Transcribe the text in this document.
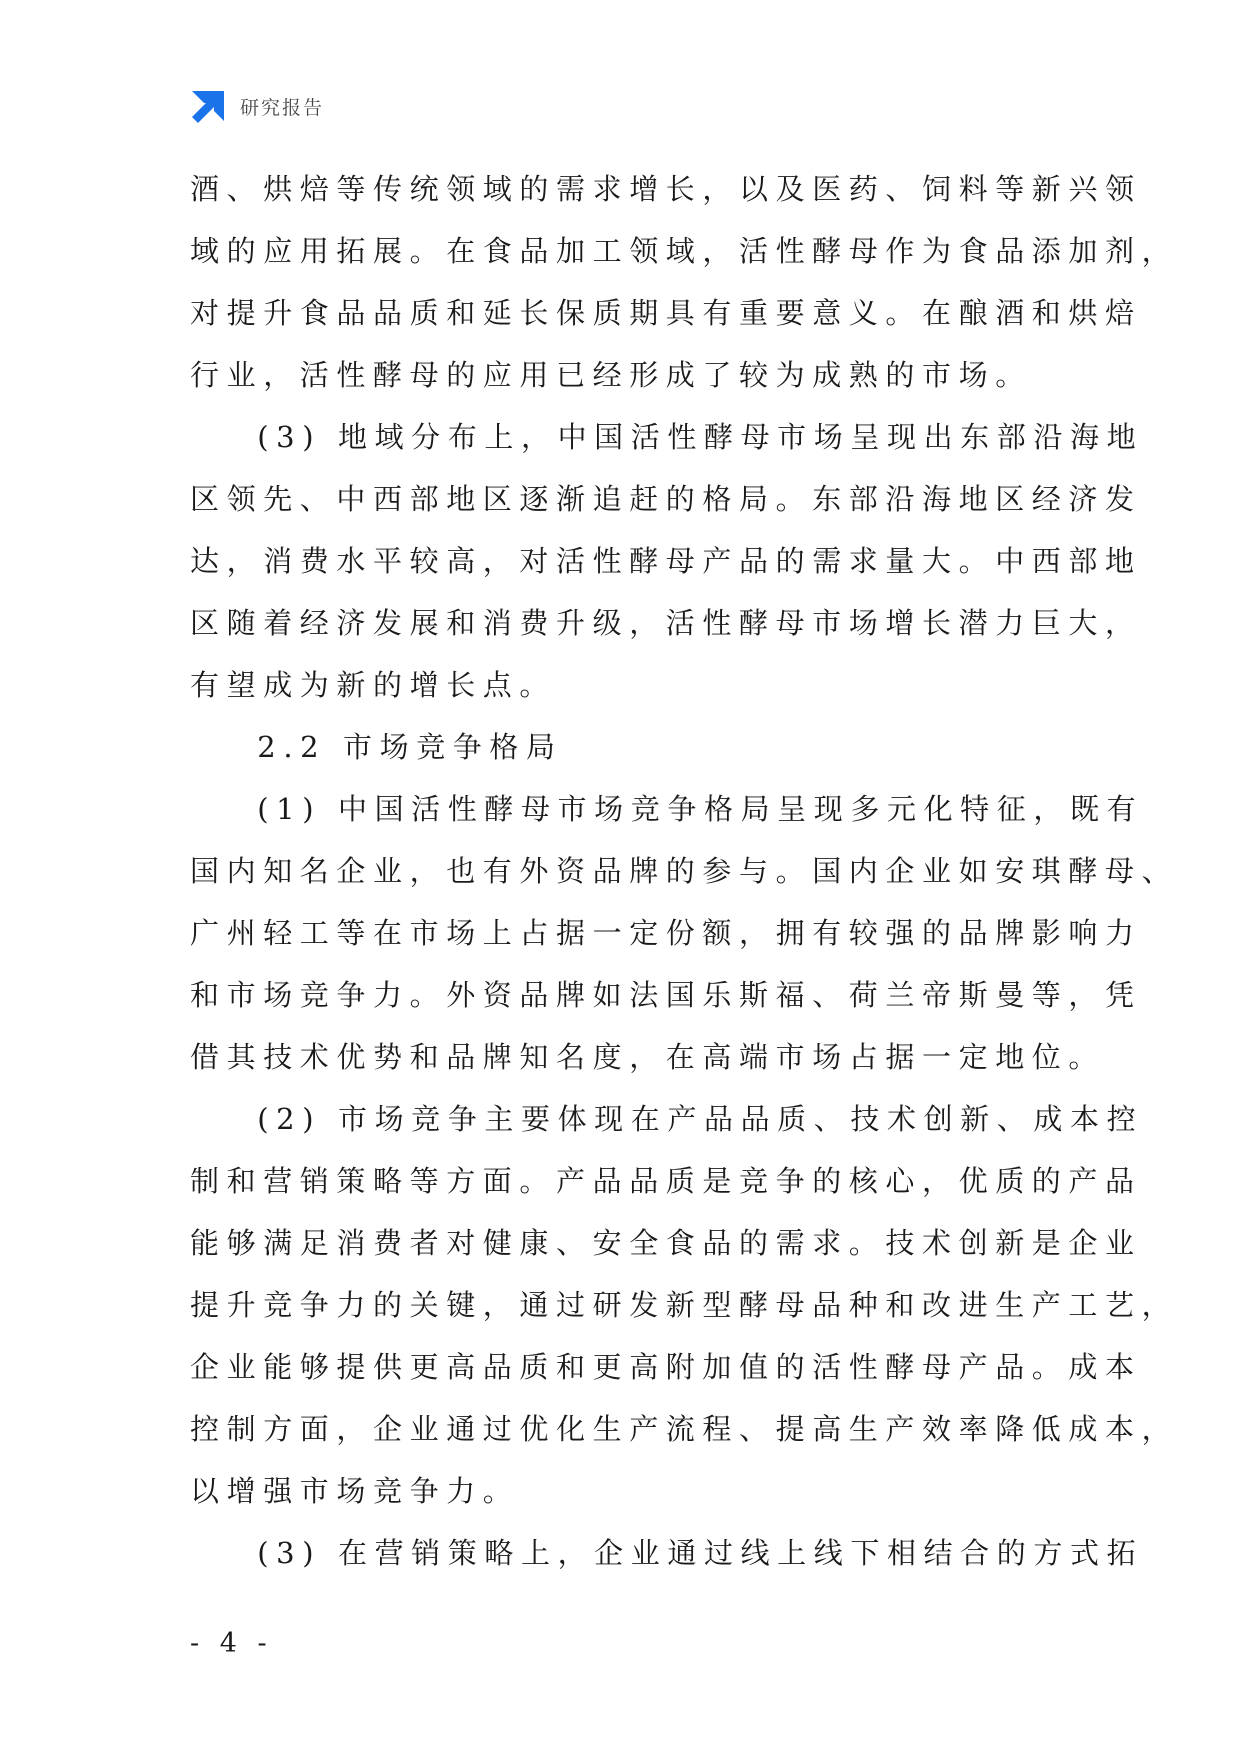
研究报告
酒、烘焙等传统领域的需求增长，以及医药、饲料等新兴领
域的应用拓展。在食品加工领域，活性酵母作为食品添加剂，
对提升食品品质和延长保质期具有重要意义。在酿酒和烘焙
行业，活性酵母的应用已经形成了较为成熟的市场。
(3) 地域分布上，中国活性酵母市场呈现出东部沿海地
区领先、中西部地区逐渐追赶的格局。东部沿海地区经济发
达，消费水平较高，对活性酵母产品的需求量大。中西部地
区随着经济发展和消费升级，活性酵母市场增长潜力巨大，
有望成为新的增长点。
2.2 市场竞争格局
(1) 中国活性酵母市场竞争格局呈现多元化特征，既有
国内知名企业，也有外资品牌的参与。国内企业如安琪酵母、
广州轻工等在市场上占据一定份额，拥有较强的品牌影响力
和市场竞争力。外资品牌如法国乐斯福、荷兰帝斯曼等，凭
借其技术优势和品牌知名度，在高端市场占据一定地位。
(2) 市场竞争主要体现在产品品质、技术创新、成本控
制和营销策略等方面。产品品质是竞争的核心，优质的产品
能够满足消费者对健康、安全食品的需求。技术创新是企业
提升竞争力的关键，通过研发新型酵母品种和改进生产工艺，
企业能够提供更高品质和更高附加值的活性酵母产品。成本
控制方面，企业通过优化生产流程、提高生产效率降低成本，
以增强市场竞争力。
(3) 在营销策略上，企业通过线上线下相结合的方式拓
- 4 -
